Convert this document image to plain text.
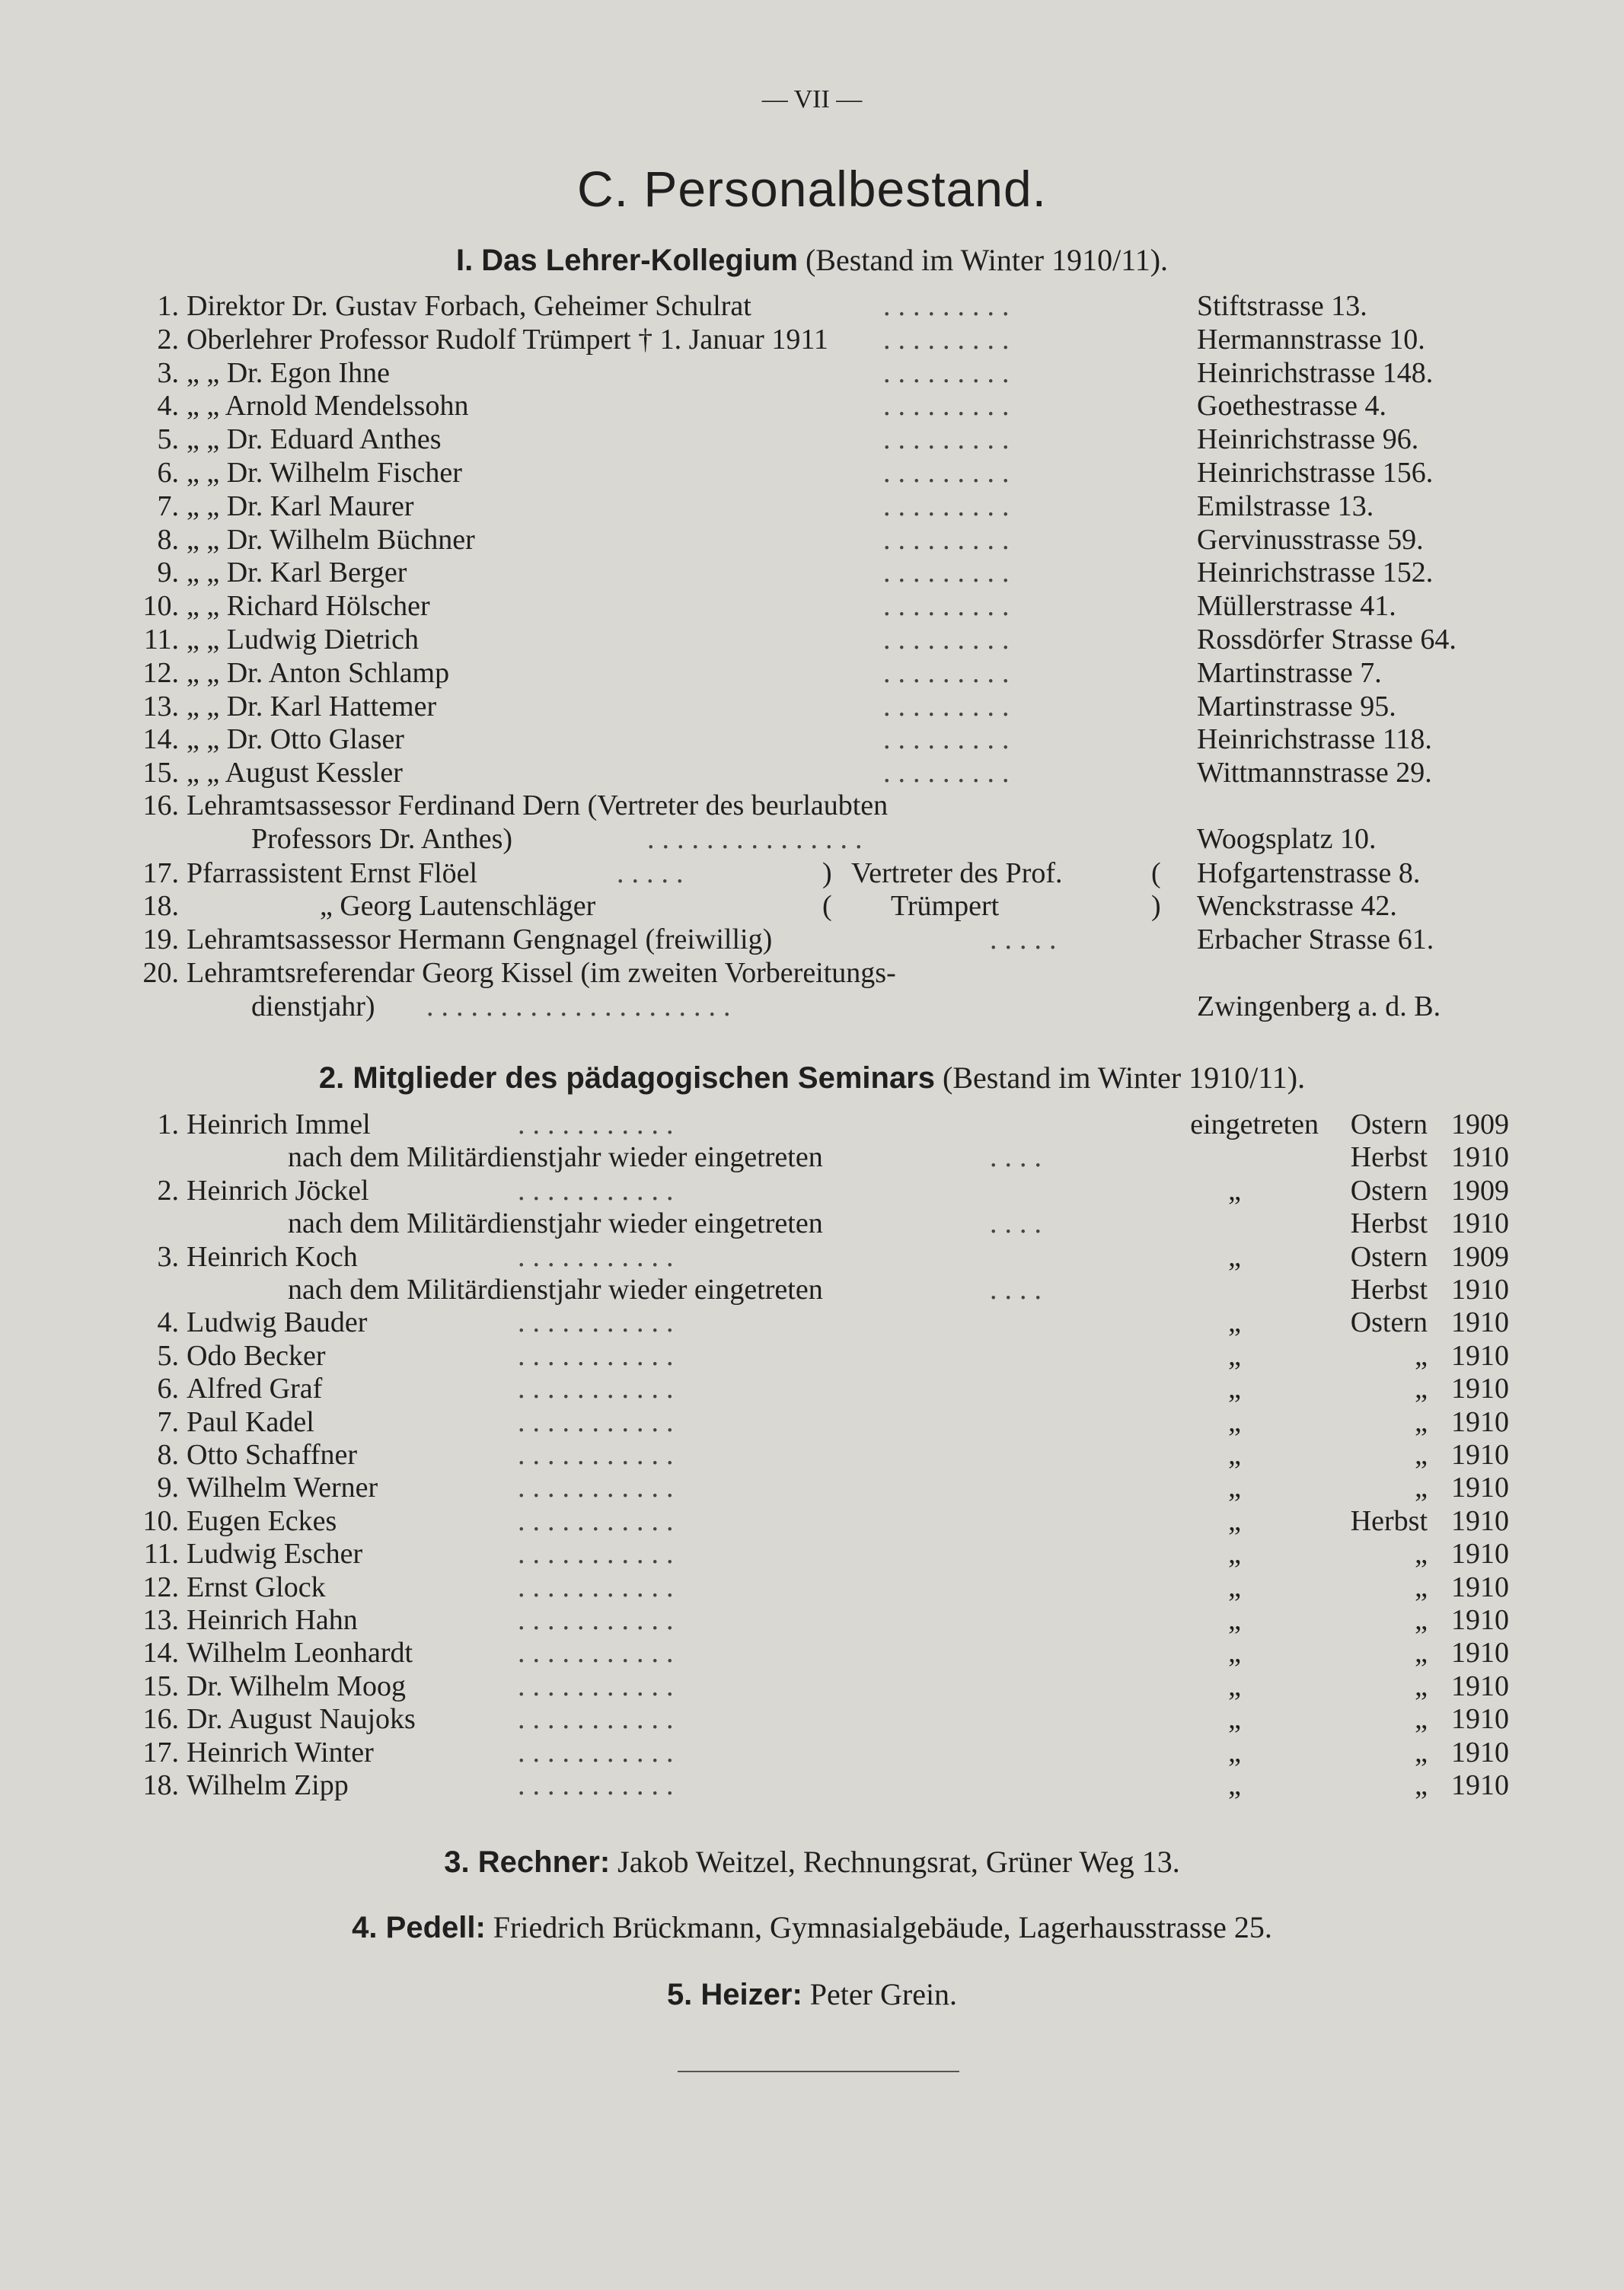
— VII —
C. Personalbestand.
I. Das Lehrer-Kollegium (Bestand im Winter 1910/11).
1. Direktor Dr. Gustav Forbach, Geheimer Schulrat	.........	Stiftstrasse 13.
2. Oberlehrer Professor Rudolf Trümpert † 1. Januar 1911 .........	Hermannstrasse 10.
3. „ „ Dr. Egon Ihne	.........	Heinrichstrasse 148.
4. „ „ Arnold Mendelssohn	.........	Goethestrasse 4.
5. „ „ Dr. Eduard Anthes	.........	Heinrichstrasse 96.
6. „ „ Dr. Wilhelm Fischer	.........	Heinrichstrasse 156.
7. „ „ Dr. Karl Maurer	.........	Emilstrasse 13.
8. „ „ Dr. Wilhelm Büchner	.........	Gervinusstrasse 59.
9. „ „ Dr. Karl Berger	.........	Heinrichstrasse 152.
10. „ „ Richard Hölscher	.........	Müllerstrasse 41.
11. „ „ Ludwig Dietrich	.........	Rossdörfer Strasse 64.
12. „ „ Dr. Anton Schlamp	.........	Martinstrasse 7.
13. „ „ Dr. Karl Hattemer	.........	Martinstrasse 95.
14. „ „ Dr. Otto Glaser	.........	Heinrichstrasse 118.
15. „ „ August Kessler	.........	Wittmannstrasse 29.
16. Lehramtsassessor Ferdinand Dern (Vertreter des beurlaubten
Professors Dr. Anthes)	...............	Woogsplatz 10.
17. Pfarrassistent Ernst Flöel	.....	) Vertreter des Prof.	( Hofgartenstrasse 8.
18.	„ Georg Lautenschläger	( Trümpert	) Wenckstrasse 42.
19. Lehramtsassessor Hermann Gengnagel (freiwillig)	.....	Erbacher Strasse 61.
20. Lehramtsreferendar Georg Kissel (im zweiten Vorbereitungs-
dienstjahr) .....................	Zwingenberg a. d. B.
2. Mitglieder des pädagogischen Seminars (Bestand im Winter 1910/11).
1. Heinrich Immel	...........	eingetreten Ostern 1909
nach dem Militärdienstjahr wieder eingetreten	....	Herbst 1910
2. Heinrich Jöckel	...........	„	Ostern 1909
nach dem Militärdienstjahr wieder eingetreten	....	Herbst 1910
3. Heinrich Koch	...........	„	Ostern 1909
nach dem Militärdienstjahr wieder eingetreten	....	Herbst 1910
4. Ludwig Bauder	...........	„	Ostern 1910
5. Odo Becker	...........	„	„ 1910
6. Alfred Graf	...........	„	„ 1910
7. Paul Kadel	...........	„	„ 1910
8. Otto Schaffner	...........	„	„ 1910
9. Wilhelm Werner	...........	„	„ 1910
10. Eugen Eckes	...........	„	Herbst 1910
11. Ludwig Escher	...........	„	„ 1910
12. Ernst Glock	...........	„	„ 1910
13. Heinrich Hahn	...........	„	„ 1910
14. Wilhelm Leonhardt	...........	„	„ 1910
15. Dr. Wilhelm Moog	...........	„	„ 1910
16. Dr. August Naujoks	...........	„	„ 1910
17. Heinrich Winter	...........	„	„ 1910
18. Wilhelm Zipp	...........	„	„ 1910
3. Rechner: Jakob Weitzel, Rechnungsrat, Grüner Weg 13.
4. Pedell: Friedrich Brückmann, Gymnasialgebäude, Lagerhausstrasse 25.
5. Heizer: Peter Grein.
